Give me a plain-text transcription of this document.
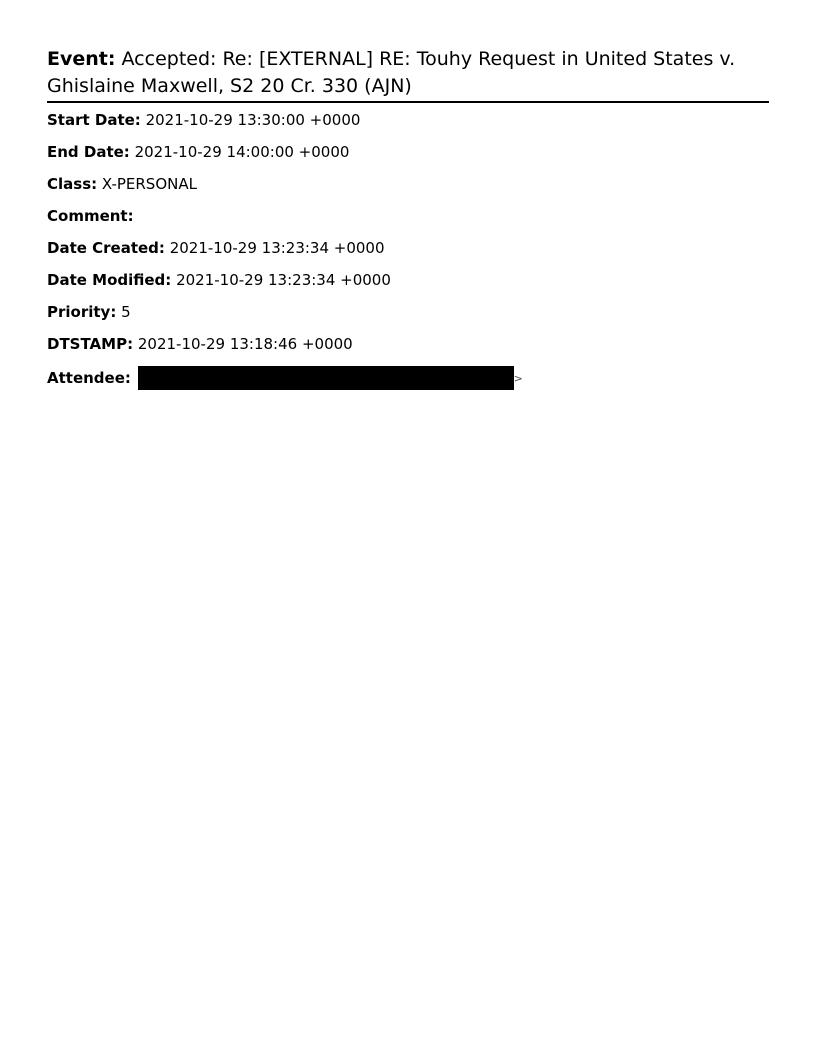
Event: Accepted: Re: [EXTERNAL] RE: Touhy Request in United States v. Ghislaine Maxwell, S2 20 Cr. 330 (AJN)
Start Date: 2021-10-29 13:30:00 +0000
End Date: 2021-10-29 14:00:00 +0000
Class: X-PERSONAL
Comment:
Date Created: 2021-10-29 13:23:34 +0000
Date Modified: 2021-10-29 13:23:34 +0000
Priority: 5
DTSTAMP: 2021-10-29 13:18:46 +0000
Attendee:	>
